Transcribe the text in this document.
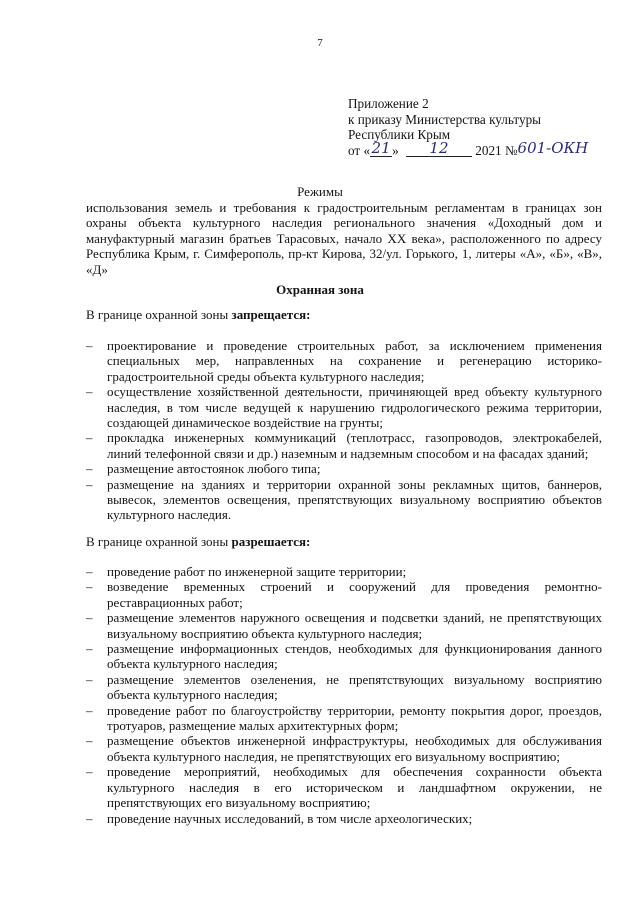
7
Приложение 2
к приказу Министерства культуры
Республики Крым
от «21» 12 2021 №601-ОКН
Режимы
использования земель и требования к градостроительным регламентам в границах зон охраны объекта культурного наследия регионального значения «Доходный дом и мануфактурный магазин братьев Тарасовых, начало XX века», расположенного по адресу Республика Крым, г. Симферополь, пр-кт Кирова, 32/ул. Горького, 1, литеры «А», «Б», «В», «Д»
Охранная зона
В границе охранной зоны запрещается:
– проектирование и проведение строительных работ, за исключением применения специальных мер, направленных на сохранение и регенерацию историко-градостроительной среды объекта культурного наследия;
– осуществление хозяйственной деятельности, причиняющей вред объекту культурного наследия, в том числе ведущей к нарушению гидрологического режима территории, создающей динамическое воздействие на грунты;
– прокладка инженерных коммуникаций (теплотрасс, газопроводов, электрокабелей, линий телефонной связи и др.) наземным и надземным способом и на фасадах зданий;
– размещение автостоянок любого типа;
– размещение на зданиях и территории охранной зоны рекламных щитов, баннеров, вывесок, элементов освещения, препятствующих визуальному восприятию объектов культурного наследия.
В границе охранной зоны разрешается:
– проведение работ по инженерной защите территории;
– возведение временных строений и сооружений для проведения ремонтно-реставрационных работ;
– размещение элементов наружного освещения и подсветки зданий, не препятствующих визуальному восприятию объекта культурного наследия;
– размещение информационных стендов, необходимых для функционирования данного объекта культурного наследия;
– размещение элементов озеленения, не препятствующих визуальному восприятию объекта культурного наследия;
– проведение работ по благоустройству территории, ремонту покрытия дорог, проездов, тротуаров, размещение малых архитектурных форм;
– размещение объектов инженерной инфраструктуры, необходимых для обслуживания объекта культурного наследия, не препятствующих его визуальному восприятию;
– проведение мероприятий, необходимых для обеспечения сохранности объекта культурного наследия в его историческом и ландшафтном окружении, не препятствующих его визуальному восприятию;
– проведение научных исследований, в том числе археологических;
